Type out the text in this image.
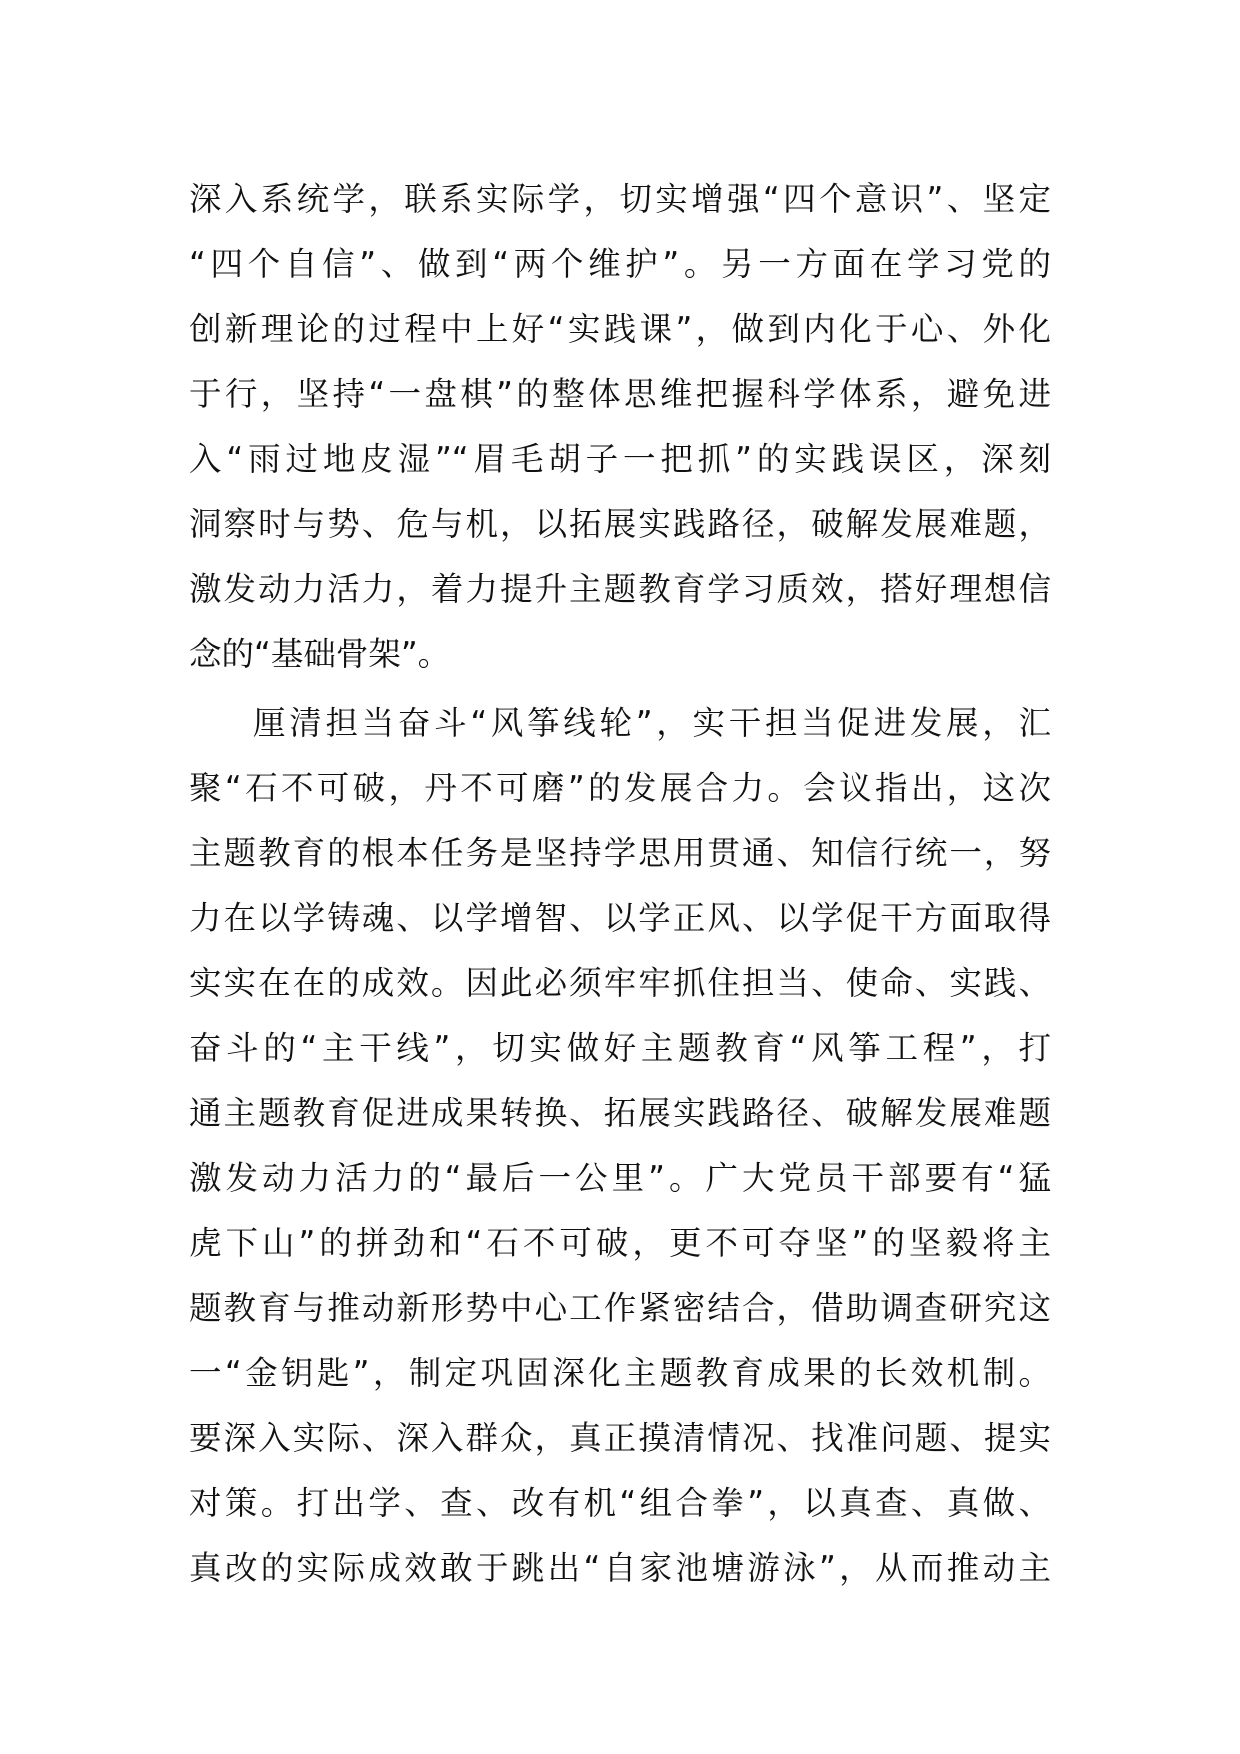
深入系统学，联系实际学，切实增强“四个意识”、坚定
“四个自信”、做到“两个维护”。另一方面在学习党的
创新理论的过程中上好“实践课”，做到内化于心、外化
于行，坚持“一盘棋”的整体思维把握科学体系，避免进
入“雨过地皮湿”“眉毛胡子一把抓”的实践误区，深刻
洞察时与势、危与机，以拓展实践路径，破解发展难题，
激发动力活力，着力提升主题教育学习质效，搭好理想信
念的“基础骨架”。
厘清担当奋斗“风筝线轮”，实干担当促进发展，汇
聚“石不可破，丹不可磨”的发展合力。会议指出，这次
主题教育的根本任务是坚持学思用贯通、知信行统一，努
力在以学铸魂、以学增智、以学正风、以学促干方面取得
实实在在的成效。因此必须牢牢抓住担当、使命、实践、
奋斗的“主干线”，切实做好主题教育“风筝工程”，打
通主题教育促进成果转换、拓展实践路径、破解发展难题
激发动力活力的“最后一公里”。广大党员干部要有“猛
虎下山”的拼劲和“石不可破，更不可夺坚”的坚毅将主
题教育与推动新形势中心工作紧密结合，借助调查研究这
一“金钥匙”，制定巩固深化主题教育成果的长效机制。
要深入实际、深入群众，真正摸清情况、找准问题、提实
对策。打出学、查、改有机“组合拳”，以真查、真做、
真改的实际成效敢于跳出“自家池塘游泳”，从而推动主
